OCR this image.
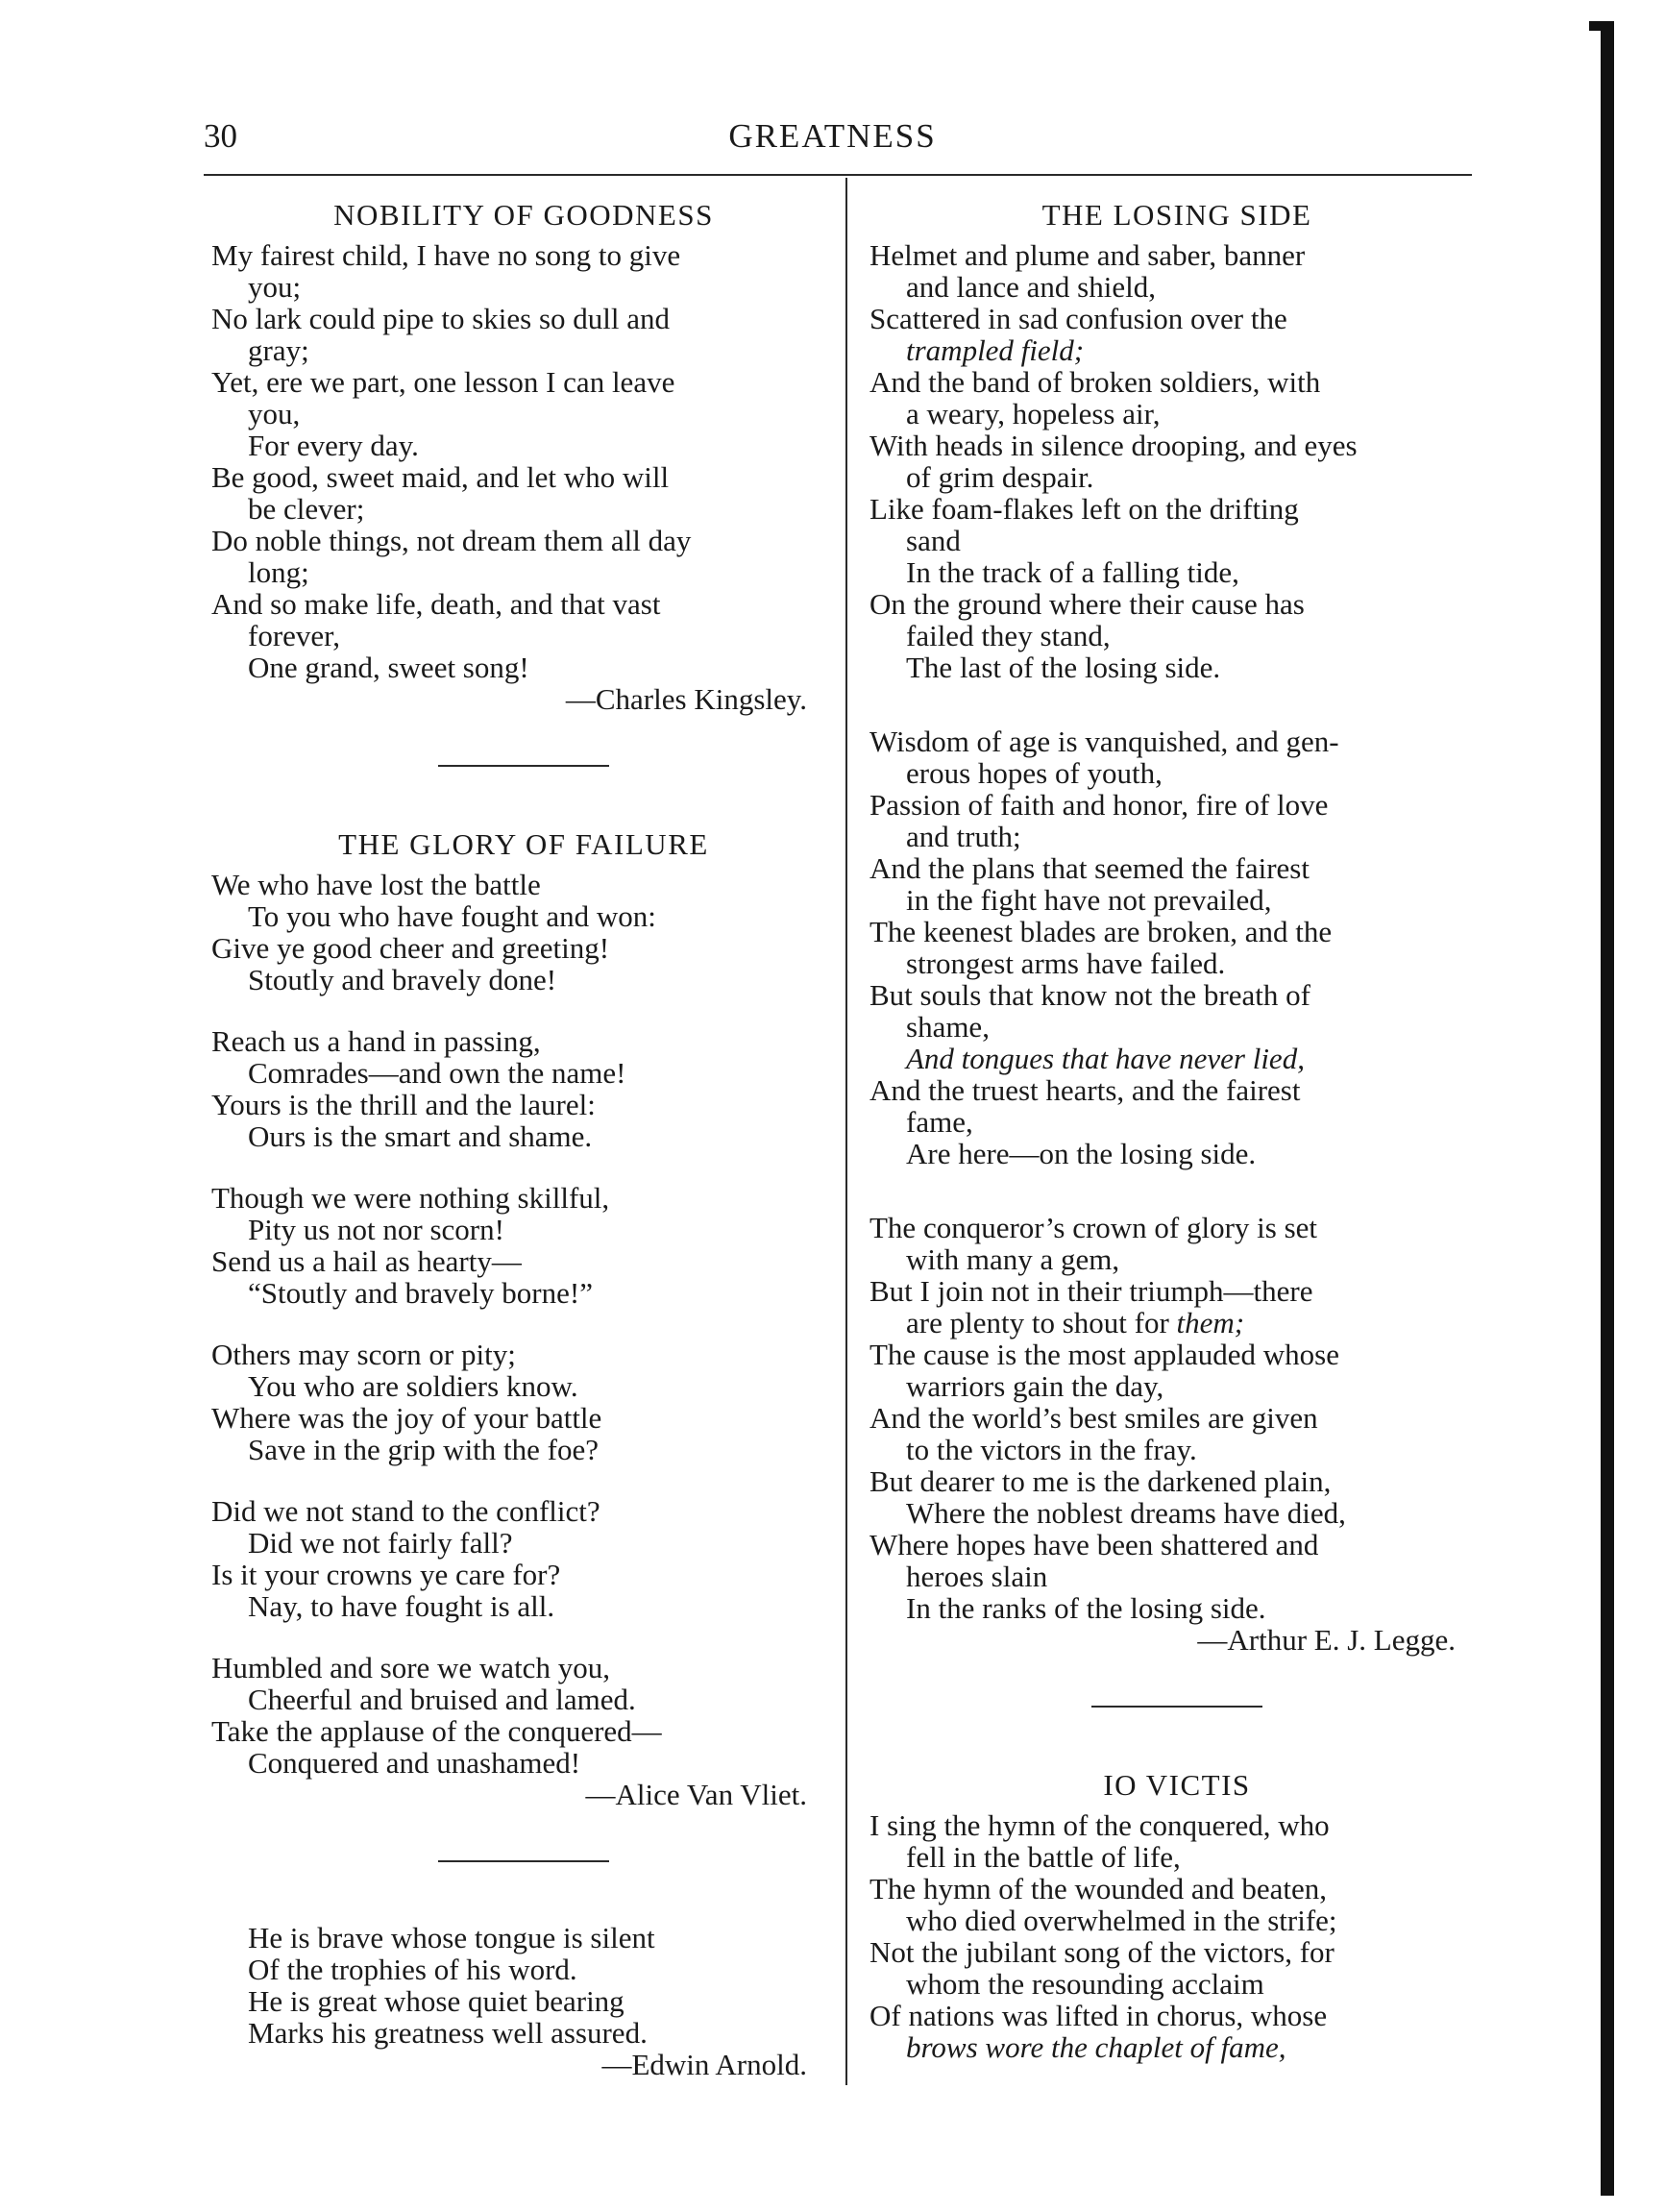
30	GREATNESS
NOBILITY OF GOODNESS
My fairest child, I have no song to give
you;
No lark could pipe to skies so dull and
gray;
Yet, ere we part, one lesson I can leave
you,
For every day.
Be good, sweet maid, and let who will
be clever;
Do noble things, not dream them all day
long;
And so make life, death, and that vast
forever,
One grand, sweet song!
—Charles Kingsley.
THE GLORY OF FAILURE
We who have lost the battle
To you who have fought and won:
Give ye good cheer and greeting!
Stoutly and bravely done!
Reach us a hand in passing,
Comrades—and own the name!
Yours is the thrill and the laurel:
Ours is the smart and shame.
Though we were nothing skillful,
Pity us not nor scorn!
Send us a hail as hearty—
“Stoutly and bravely borne!”
Others may scorn or pity;
You who are soldiers know.
Where was the joy of your battle
Save in the grip with the foe?
Did we not stand to the conflict?
Did we not fairly fall?
Is it your crowns ye care for?
Nay, to have fought is all.
Humbled and sore we watch you,
Cheerful and bruised and lamed.
Take the applause of the conquered—
Conquered and unashamed!
—Alice Van Vliet.
He is brave whose tongue is silent
Of the trophies of his word.
He is great whose quiet bearing
Marks his greatness well assured.
—Edwin Arnold.
THE LOSING SIDE
Helmet and plume and saber, banner
and lance and shield,
Scattered in sad confusion over the
trampled field;
And the band of broken soldiers, with
a weary, hopeless air,
With heads in silence drooping, and eyes
of grim despair.
Like foam-flakes left on the drifting
sand
In the track of a falling tide,
On the ground where their cause has
failed they stand,
The last of the losing side.
Wisdom of age is vanquished, and gen-
erous hopes of youth,
Passion of faith and honor, fire of love
and truth;
And the plans that seemed the fairest
in the fight have not prevailed,
The keenest blades are broken, and the
strongest arms have failed.
But souls that know not the breath of
shame,
And tongues that have never lied,
And the truest hearts, and the fairest
fame,
Are here—on the losing side.
The conqueror’s crown of glory is set
with many a gem,
But I join not in their triumph—there
are plenty to shout for them;
The cause is the most applauded whose
warriors gain the day,
And the world’s best smiles are given
to the victors in the fray.
But dearer to me is the darkened plain,
Where the noblest dreams have died,
Where hopes have been shattered and
heroes slain
In the ranks of the losing side.
—Arthur E. J. Legge.
IO VICTIS
I sing the hymn of the conquered, who
fell in the battle of life,
The hymn of the wounded and beaten,
who died overwhelmed in the strife;
Not the jubilant song of the victors, for
whom the resounding acclaim
Of nations was lifted in chorus, whose
brows wore the chaplet of fame,
